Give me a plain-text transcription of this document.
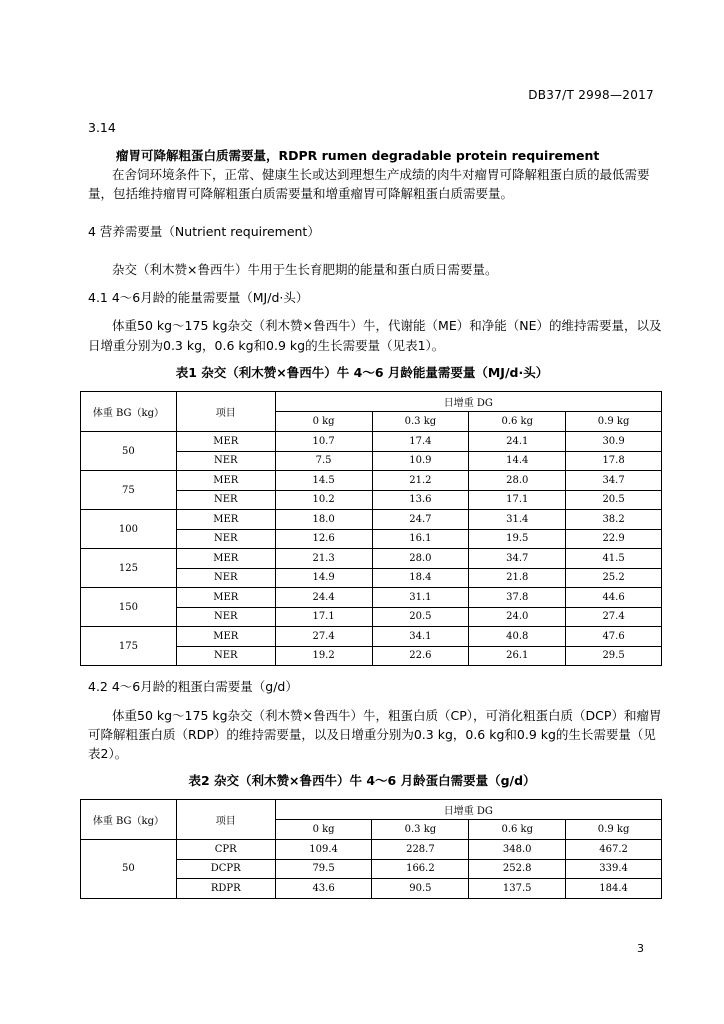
DB37/T 2998—2017
3.14
瘤胃可降解粗蛋白质需要量，RDPR rumen degradable protein requirement
在舍饲环境条件下，正常、健康生长或达到理想生产成绩的肉牛对瘤胃可降解粗蛋白质的最低需要
量，包括维持瘤胃可降解粗蛋白质需要量和增重瘤胃可降解粗蛋白质需要量。
4 营养需要量（Nutrient requirement）
杂交（利木赞×鲁西牛）牛用于生长育肥期的能量和蛋白质日需要量。
4.1 4～6月龄的能量需要量（MJ/d·头）
体重50 kg～175 kg杂交（利木赞×鲁西牛）牛，代谢能（ME）和净能（NE）的维持需要量，以及
日增重分别为0.3 kg，0.6 kg和0.9 kg的生长需要量（见表1）。
表1 杂交（利木赞×鲁西牛）牛 4～6 月龄能量需要量（MJ/d·头）
体重 BG（kg）	项目	日增重 DG			
		0 kg	0.3 kg	0.6 kg	0.9 kg
50	MER	10.7	17.4	24.1	30.9
	NER	7.5	10.9	14.4	17.8
75	MER	14.5	21.2	28.0	34.7
	NER	10.2	13.6	17.1	20.5
100	MER	18.0	24.7	31.4	38.2
	NER	12.6	16.1	19.5	22.9
125	MER	21.3	28.0	34.7	41.5
	NER	14.9	18.4	21.8	25.2
150	MER	24.4	31.1	37.8	44.6
	NER	17.1	20.5	24.0	27.4
175	MER	27.4	34.1	40.8	47.6
	NER	19.2	22.6	26.1	29.5
4.2 4～6月龄的粗蛋白需要量（g/d）
体重50 kg～175 kg杂交（利木赞×鲁西牛）牛，粗蛋白质（CP），可消化粗蛋白质（DCP）和瘤胃
可降解粗蛋白质（RDP）的维持需要量，以及日增重分别为0.3 kg，0.6 kg和0.9 kg的生长需要量（见
表2）。
表2 杂交（利木赞×鲁西牛）牛 4～6 月龄蛋白需要量（g/d）
体重 BG（kg）	项目	日增重 DG			
		0 kg	0.3 kg	0.6 kg	0.9 kg
50	CPR	109.4	228.7	348.0	467.2
	DCPR	79.5	166.2	252.8	339.4
	RDPR	43.6	90.5	137.5	184.4
3
